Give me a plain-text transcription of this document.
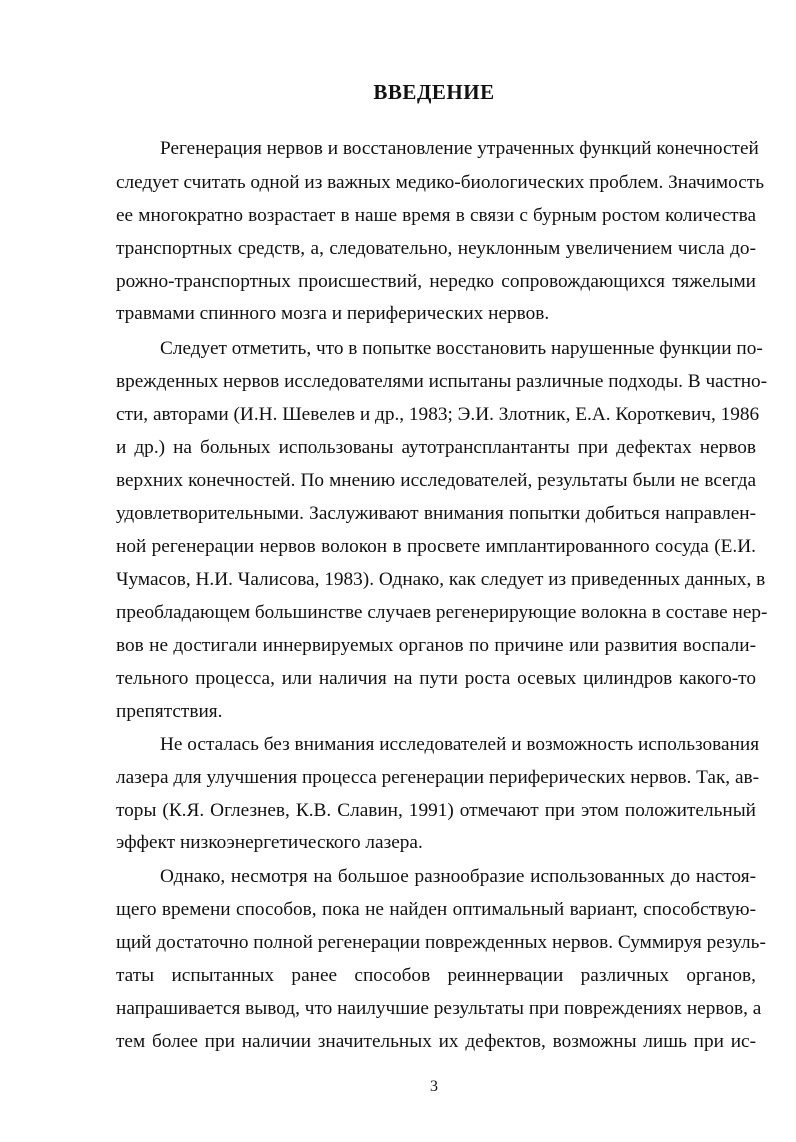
ВВЕДЕНИЕ
Регенерация нервов и восстановление утраченных функций конечностей
следует считать одной из важных медико-биологических проблем. Значимость
ее многократно возрастает в наше время в связи с бурным ростом количества
транспортных средств, а, следовательно, неуклонным увеличением числа до-
рожно-транспортных происшествий, нередко сопровождающихся тяжелыми
травмами спинного мозга и периферических нервов.
Следует отметить, что в попытке восстановить нарушенные функции по-
врежденных нервов исследователями испытаны различные подходы. В частно-
сти, авторами (И.Н. Шевелев и др., 1983; Э.И. Злотник, Е.А. Короткевич, 1986
и др.) на больных использованы аутотрансплантанты при дефектах нервов
верхних конечностей. По мнению исследователей, результаты были не всегда
удовлетворительными. Заслуживают внимания попытки добиться направлен-
ной регенерации нервов волокон в просвете имплантированного сосуда (Е.И.
Чумасов, Н.И. Чалисова, 1983). Однако, как следует из приведенных данных, в
преобладающем большинстве случаев регенерирующие волокна в составе нер-
вов не достигали иннервируемых органов по причине или развития воспали-
тельного процесса, или наличия на пути роста осевых цилиндров какого-то
препятствия.
Не осталась без внимания исследователей и возможность использования
лазера для улучшения процесса регенерации периферических нервов. Так, ав-
торы (К.Я. Оглезнев, К.В. Славин, 1991) отмечают при этом положительный
эффект низкоэнергетического лазера.
Однако, несмотря на большое разнообразие использованных до настоя-
щего времени способов, пока не найден оптимальный вариант, способствую-
щий достаточно полной регенерации поврежденных нервов. Суммируя резуль-
таты испытанных ранее способов реиннервации различных органов,
напрашивается вывод, что наилучшие результаты при повреждениях нервов, а
тем более при наличии значительных их дефектов, возможны лишь при ис-
3
